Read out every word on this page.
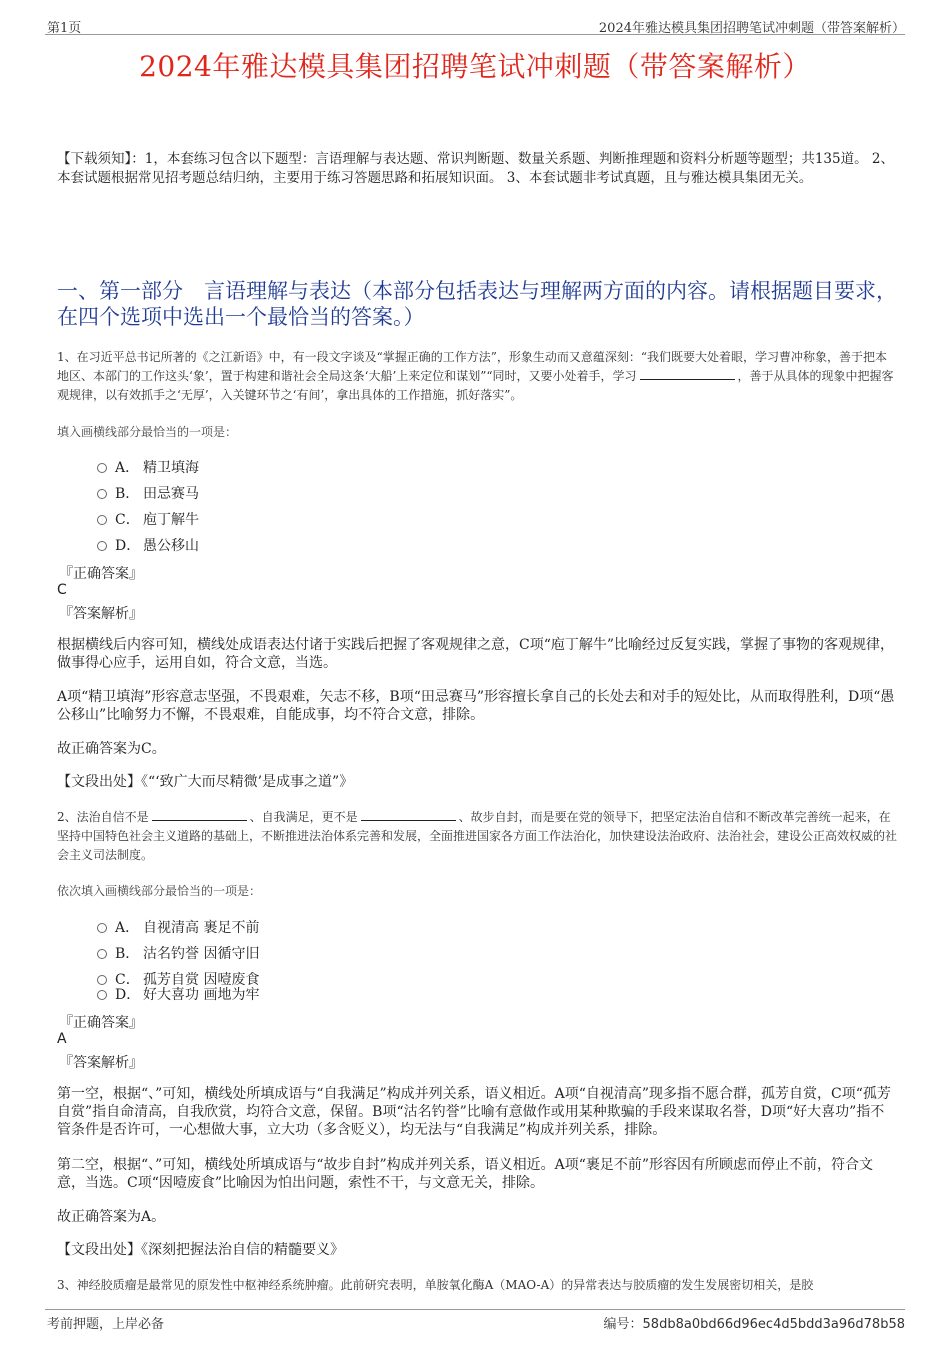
第1页	2024年雅达模具集团招聘笔试冲刺题（带答案解析）
2024年雅达模具集团招聘笔试冲刺题（带答案解析）
【下载须知】：1，本套练习包含以下题型：言语理解与表达题、常识判断题、数量关系题、判断推理题和资料分析题等题型；共135道。 2、本套试题根据常见招考题总结归纳，主要用于练习答题思路和拓展知识面。 3、本套试题非考试真题，且与雅达模具集团无关。
一、第一部分　言语理解与表达（本部分包括表达与理解两方面的内容。请根据题目要求，在四个选项中选出一个最恰当的答案。）
1、在习近平总书记所著的《之江新语》中，有一段文字谈及“掌握正确的工作方法”，形象生动而又意蕴深刻：“我们既要大处着眼，学习曹冲称象，善于把本地区、本部门的工作这头‘象’，置于构建和谐社会全局这条‘大船’上来定位和谋划”“同时，又要小处着手，学习	，善于从具体的现象中把握客观规律，以有效抓手之‘无厚’，入关键环节之‘有间’，拿出具体的工作措施，抓好落实”。
填入画横线部分最恰当的一项是：
A． 精卫填海
B． 田忌赛马
C． 庖丁解牛
D． 愚公移山
『正确答案』
C
『答案解析』
根据横线后内容可知，横线处成语表达付诸于实践后把握了客观规律之意，C项“庖丁解牛”比喻经过反复实践，掌握了事物的客观规律，做事得心应手，运用自如，符合文意，当选。
A项“精卫填海”形容意志坚强，不畏艰难，矢志不移，B项“田忌赛马”形容擅长拿自己的长处去和对手的短处比，从而取得胜利，D项“愚公移山”比喻努力不懈，不畏艰难，自能成事，均不符合文意，排除。
故正确答案为C。
【文段出处】《“‘致广大而尽精微’是成事之道”》
2、法治自信不是	、自我满足，更不是	、故步自封，而是要在党的领导下，把坚定法治自信和不断改革完善统一起来，在坚持中国特色社会主义道路的基础上，不断推进法治体系完善和发展，全面推进国家各方面工作法治化，加快建设法治政府、法治社会，建设公正高效权威的社会主义司法制度。
依次填入画横线部分最恰当的一项是：
A． 自视清高 裹足不前
B． 沽名钓誉 因循守旧
C． 孤芳自赏 因噎废食
D． 好大喜功 画地为牢
『正确答案』
A
『答案解析』
第一空，根据“、”可知，横线处所填成语与“自我满足”构成并列关系，语义相近。A项“自视清高”现多指不愿合群，孤芳自赏，C项“孤芳自赏”指自命清高，自我欣赏，均符合文意，保留。B项“沽名钓誉”比喻有意做作或用某种欺骗的手段来谋取名誉，D项“好大喜功”指不管条件是否许可，一心想做大事，立大功（多含贬义），均无法与“自我满足”构成并列关系，排除。
第二空，根据“、”可知，横线处所填成语与“故步自封”构成并列关系，语义相近。A项“裹足不前”形容因有所顾虑而停止不前，符合文意，当选。C项“因噎废食”比喻因为怕出问题，索性不干，与文意无关，排除。
故正确答案为A。
【文段出处】《深刻把握法治自信的精髓要义》
3、神经胶质瘤是最常见的原发性中枢神经系统肿瘤。此前研究表明，单胺氧化酶A（MAO-A）的异常表达与胶质瘤的发生发展密切相关，是胶
考前押题，上岸必备	编号：58db8a0bd66d96ec4d5bdd3a96d78b58
